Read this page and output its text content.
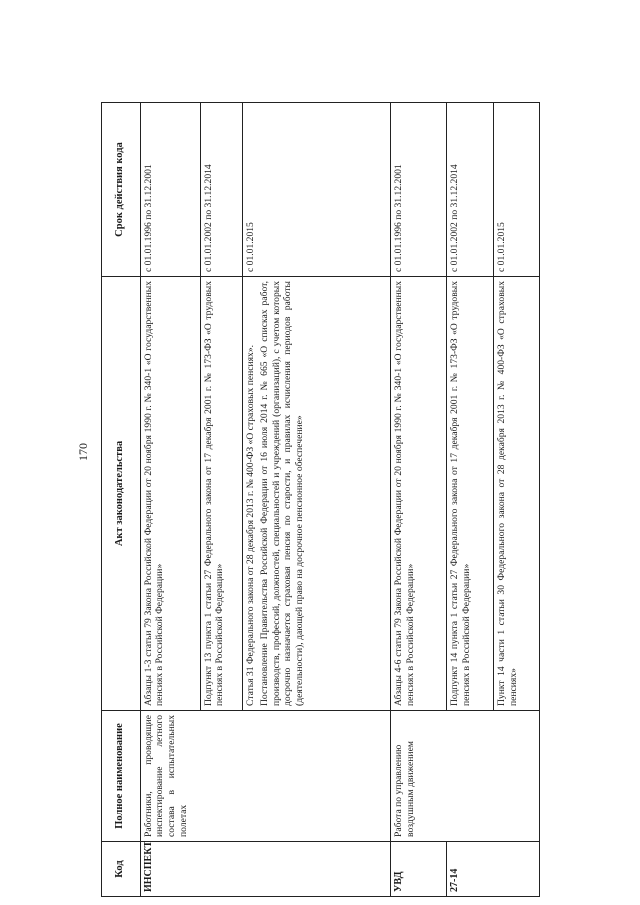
170
Код	Полное наименование	Акт законодательства	Срок действия кода
ИНСПЕКТ	Работники, проводящие инспектирование летного состава в испытательных полетах	Абзацы 1-3 статьи 79 Закона Российской Федерации от 20 ноября 1990 г. № 340-1 «О государственных пенсиях в Российской Федерации»	с 01.01.1996 по 31.12.2001
		Подпункт 13 пункта 1 статьи 27 Федерального закона от 17 декабря 2001 г. № 173-ФЗ «О трудовых пенсиях в Российской Федерации»	с 01.01.2002 по 31.12.2014

		Статья 31 Федерального закона от 28 декабря 2013 г. № 400-ФЗ «О страховых пенсиях». Постановление Правительства Российской Федерации от 16 июля 2014 г. № 665 «О списках работ, производств, профессий, должностей, специальностей и учреждений (организаций), с учетом которых досрочно назначается страховая пенсия по старости, и правилах исчисления периодов работы (деятельности), дающей право на досрочное пенсионное обеспечение»	с 01.01.2015
УВД	Работа по управлению воздушным движением	Абзацы 4-6 статьи 79 Закона Российской Федерации от 20 ноября 1990 г. № 340-1 «О государственных пенсиях в Российской Федерации»	с 01.01.1996 по 31.12.2001
27-14		Подпункт 14 пункта 1 статьи 27 Федерального закона от 17 декабря 2001 г. № 173-ФЗ «О трудовых пенсиях в Российской Федерации»	с 01.01.2002 по 31.12.2014
		Пункт 14 части 1 статьи 30 Федерального закона от 28 декабря 2013 г. № 400-ФЗ «О страховых пенсиях»	с 01.01.2015
